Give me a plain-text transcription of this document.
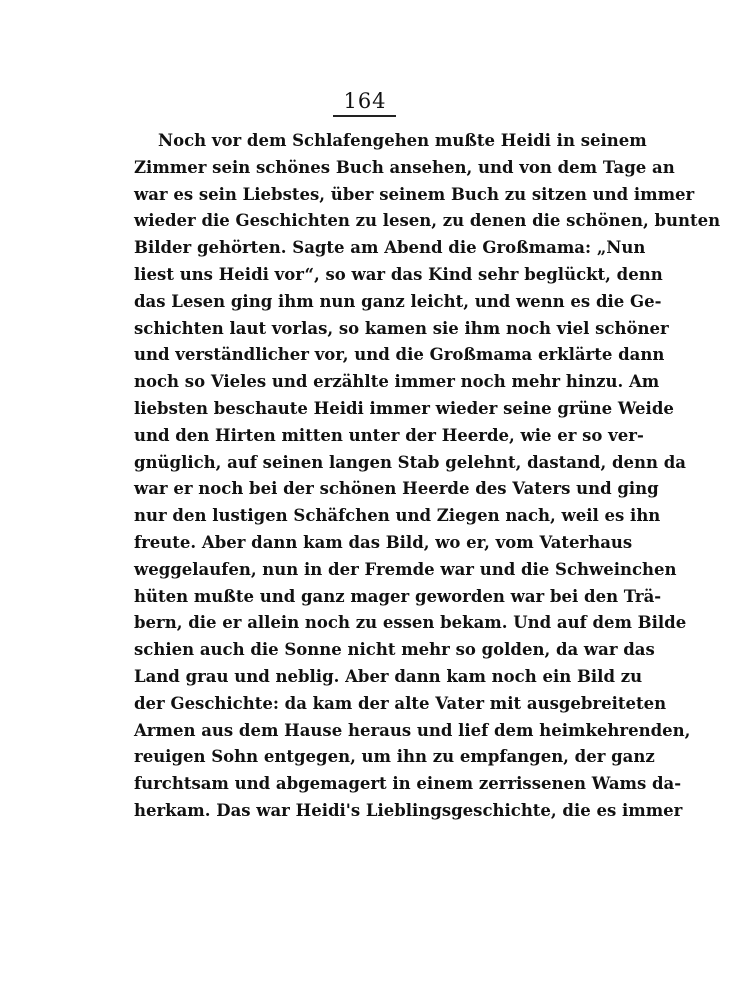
164
Noch vor dem Schlafengehen mußte Heidi in seinem
Zimmer sein schönes Buch ansehen, und von dem Tage an
war es sein Liebstes, über seinem Buch zu sitzen und immer
wieder die Geschichten zu lesen, zu denen die schönen, bunten
Bilder gehörten. Sagte am Abend die Großmama: „Nun
liest uns Heidi vor“, so war das Kind sehr beglückt, denn
das Lesen ging ihm nun ganz leicht, und wenn es die Ge-
schichten laut vorlas, so kamen sie ihm noch viel schöner
und verständlicher vor, und die Großmama erklärte dann
noch so Vieles und erzählte immer noch mehr hinzu. Am
liebsten beschaute Heidi immer wieder seine grüne Weide
und den Hirten mitten unter der Heerde, wie er so ver-
gnüglich, auf seinen langen Stab gelehnt, dastand, denn da
war er noch bei der schönen Heerde des Vaters und ging
nur den lustigen Schäfchen und Ziegen nach, weil es ihn
freute. Aber dann kam das Bild, wo er, vom Vaterhaus
weggelaufen, nun in der Fremde war und die Schweinchen
hüten mußte und ganz mager geworden war bei den Trä-
bern, die er allein noch zu essen bekam. Und auf dem Bilde
schien auch die Sonne nicht mehr so golden, da war das
Land grau und neblig. Aber dann kam noch ein Bild zu
der Geschichte: da kam der alte Vater mit ausgebreiteten
Armen aus dem Hause heraus und lief dem heimkehrenden,
reuigen Sohn entgegen, um ihn zu empfangen, der ganz
furchtsam und abgemagert in einem zerrissenen Wams da-
herkam. Das war Heidi's Lieblingsgeschichte, die es immer
